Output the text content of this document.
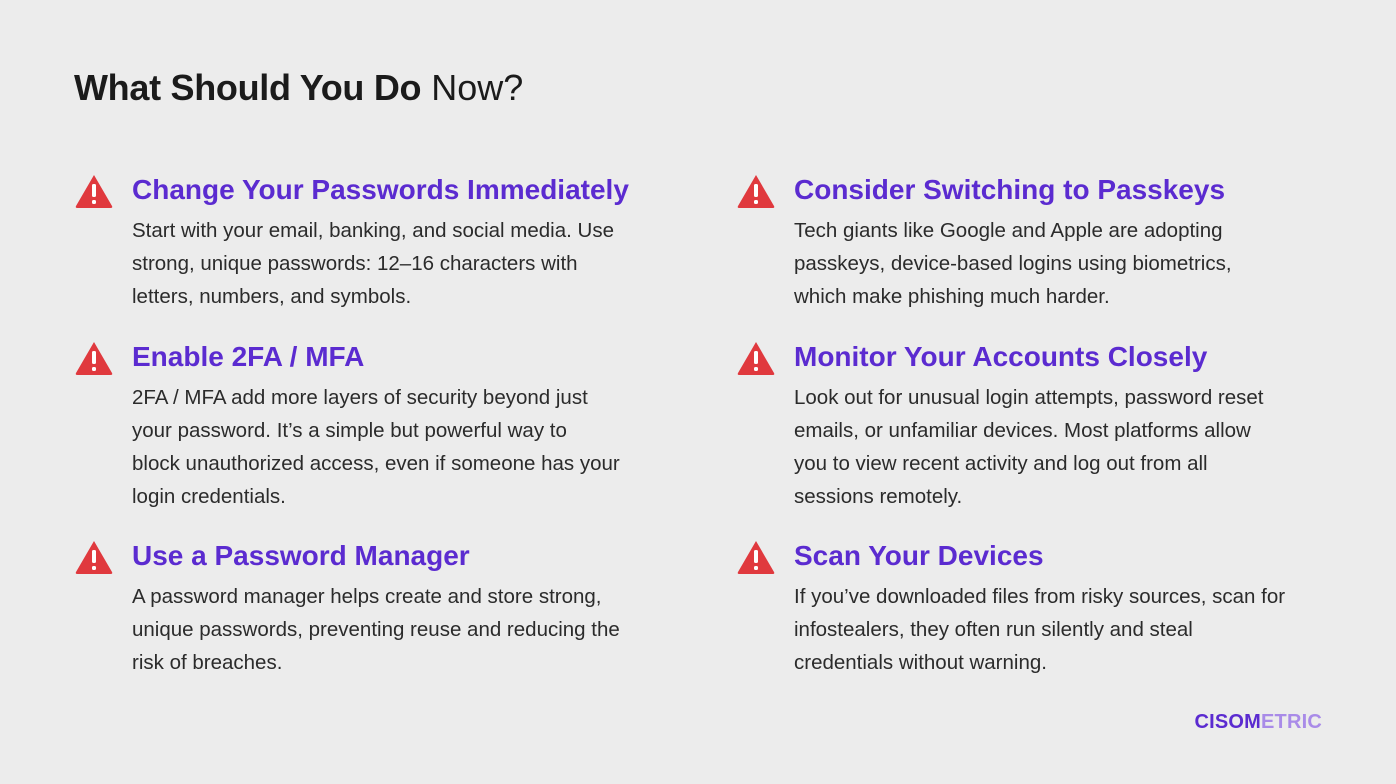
What Should You Do Now?
Change Your Passwords Immediately

Start with your email, banking, and social media. Use
strong, unique passwords: 12–16 characters with
letters, numbers, and symbols.

Enable 2FA / MFA

2FA / MFA add more layers of security beyond just
your password. It’s a simple but powerful way to
block unauthorized access, even if someone has your
login credentials.

Use a Password Manager

A password manager helps create and store strong,
unique passwords, preventing reuse and reducing the
risk of breaches.

Consider Switching to Passkeys

Tech giants like Google and Apple are adopting
passkeys, device-based logins using biometrics,
which make phishing much harder.

Monitor Your Accounts Closely

Look out for unusual login attempts, password reset
emails, or unfamiliar devices. Most platforms allow
you to view recent activity and log out from all
sessions remotely.

Scan Your Devices

If you’ve downloaded files from risky sources, scan for
infostealers, they often run silently and steal
credentials without warning.

CISOMETRIC
